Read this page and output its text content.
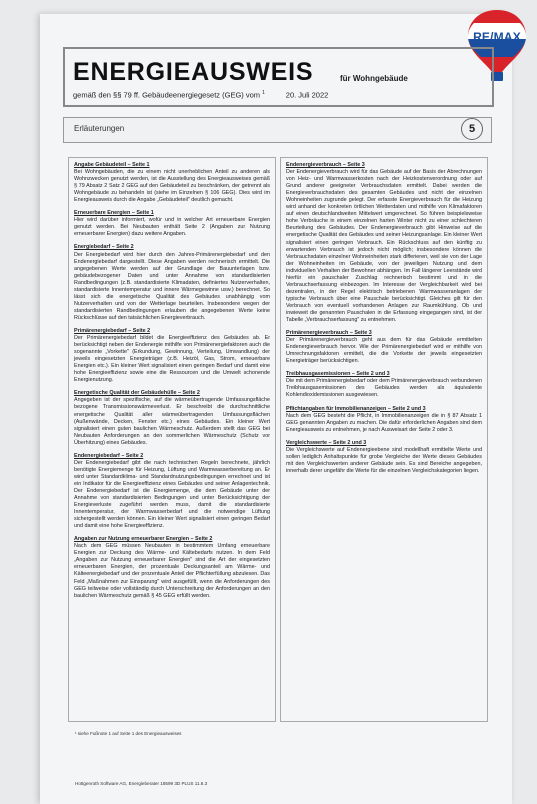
RE/MAX
ENERGIEAUSWEIS	für Wohngebäude
gemäß den §§ 79 ff. Gebäudeenergiegesetz (GEG) vom $^1$	20. Juli 2022
Erläuterungen	5
Angabe Gebäudeteil – Seite 1
Bei Wohngebäuden, die zu einem nicht unerheblichen Anteil zu anderen als Wohnzwecken genutzt werden, ist die Ausstellung des Energieausweises gemäß § 79 Absatz 2 Satz 2 GEG auf den Gebäudeteil zu beschränken, der getrennt als Wohngebäude zu behandeln ist (siehe im Einzelnen § 106 GEG). Dies wird im Energieausweis durch die Angabe „Gebäudeteil" deutlich gemacht.
Erneuerbare Energien – Seite 1
Hier wird darüber informiert, wofür und in welcher Art erneuerbare Energien genutzt werden. Bei Neubauten enthält Seite 2 (Angaben zur Nutzung erneuerbarer Energien) dazu weitere Angaben.
Energiebedarf – Seite 2
Der Energiebedarf wird hier durch den Jahres-Primärenergiebedarf und den Endenergiebedarf dargestellt. Diese Angaben werden rechnerisch ermittelt. Die angegebenen Werte werden auf der Grundlage der Bauunterlagen bzw. gebäudebezogener Daten und unter Annahme von standardisierten Randbedingungen (z.B. standardisierte Klimadaten, definiertes Nutzerverhalten, standardisierte Innentemperatur und innere Wärmegewinne usw.) berechnet. So lässt sich die energetische Qualität des Gebäudes unabhängig vom Nutzerverhalten und von der Wetterlage beurteilen. Insbesondere wegen der standardisierten Randbedingungen erlauben die angegebenen Werte keine Rückschlüsse auf den tatsächlichen Energieverbrauch.
Primärenergiebedarf – Seite 2
Der Primärenergiebedarf bildet die Energieeffizienz des Gebäudes ab. Er berücksichtigt neben der Endenergie mithilfe von Primärenergiefaktoren auch die sogenannte „Vorkette" (Erkundung, Gewinnung, Verteilung, Umwandlung) der jeweils eingesetzten Energieträger (z.B. Heizöl, Gas, Strom, erneuerbare Energien etc.). Ein kleiner Wert signalisiert einen geringen Bedarf und damit eine hohe Energieeffizienz sowie eine die Ressourcen und die Umwelt schonende Energienutzung.
Energetische Qualität der Gebäudehülle – Seite 2
Angegeben ist der spezifische, auf die wärmeübertragende Umfassungsfläche bezogene Transmissionswärmeverlust. Er beschreibt die durchschnittliche energetische Qualität aller wärmeübertragenden Umfassungsflächen (Außenwände, Decken, Fenster etc.) eines Gebäudes. Ein kleiner Wert signalisiert einen guten baulichen Wärmeschutz. Außerdem stellt das GEG bei Neubauten Anforderungen an den sommerlichen Wärmeschutz (Schutz vor Überhitzung) eines Gebäudes.
Endenergiebedarf – Seite 2
Der Endenergiebedarf gibt die nach technischen Regeln berechnete, jährlich benötigte Energiemenge für Heizung, Lüftung und Warmwasserbereitung an. Er wird unter Standardklima- und Standardnutzungsbedingungen errechnet und ist ein Indikator für die Energieeffizienz eines Gebäudes und seiner Anlagentechnik. Der Endenergiebedarf ist die Energiemenge, die dem Gebäude unter der Annahme von standardisierten Bedingungen und unter Berücksichtigung der Energieverluste zugeführt werden muss, damit die standardisierte Innentemperatur, der Warmwasserbedarf und die notwendige Lüftung sichergestellt werden können. Ein kleiner Wert signalisiert einen geringen Bedarf und damit eine hohe Energieeffizienz.
Angaben zur Nutzung erneuerbarer Energien – Seite 2
Nach dem GEG müssen Neubauten in bestimmtem Umfang erneuerbare Energien zur Deckung des Wärme- und Kältebedarfs nutzen. In dem Feld „Angaben zur Nutzung erneuerbarer Energien" sind die Art der eingesetzten erneuerbaren Energien, der prozentuale Deckungsanteil am Wärme- und Kälteenergiebedarf und der prozentuale Anteil der Pflichterfüllung abzulesen. Das Feld „Maßnahmen zur Einsparung" wird ausgefüllt, wenn die Anforderungen des GEG teilweise oder vollständig durch Unterschreitung der Anforderungen an den baulichen Wärmeschutz gemäß § 45 GEG erfüllt werden.
Endenergieverbrauch – Seite 3
Der Endenergieverbrauch wird für das Gebäude auf der Basis der Abrechnungen von Heiz- und Warmwasserkosten nach der Heizkostenverordnung oder auf Grund anderer geeigneter Verbrauchsdaten ermittelt. Dabei werden die Energieverbrauchsdaten des gesamten Gebäudes und nicht der einzelnen Wohneinheiten zugrunde gelegt. Der erfasste Energieverbrauch für die Heizung wird anhand der konkreten örtlichen Wetterdaten und mithilfe von Klimafaktoren auf einen deutschlandweiten Mittelwert umgerechnet. So führen beispielsweise hohe Verbräuche in einem einzelnen harten Winter nicht zu einer schlechteren Beurteilung des Gebäudes. Der Endenergieverbrauch gibt Hinweise auf die energetische Qualität des Gebäudes und seiner Heizungsanlage. Ein kleiner Wert signalisiert einen geringen Verbrauch. Ein Rückschluss auf den künftig zu erwartenden Verbrauch ist jedoch nicht möglich; insbesondere können die Verbrauchsdaten einzelner Wohneinheiten stark differieren, weil sie von der Lage der Wohneinheiten im Gebäude, von der jeweiligen Nutzung und dem individuellen Verhalten der Bewohner abhängen. Im Fall längerer Leerstände wird hierfür ein pauschaler Zuschlag rechnerisch bestimmt und in die Verbrauchserfassung einbezogen. Im Interesse der Vergleichbarkeit wird bei dezentralen, in der Regel elektrisch betriebenen Warmwasseranlagen der typische Verbrauch über eine Pauschale berücksichtigt. Gleiches gilt für den Verbrauch von eventuell vorhandenen Anlagen zur Raumkühlung. Ob und inwieweit die genannten Pauschalen in die Erfassung eingegangen sind, ist der Tabelle „Verbrauchserfassung" zu entnehmen.
Primärenergieverbrauch – Seite 3
Der Primärenergieverbrauch geht aus dem für das Gebäude ermittelten Endenergieverbrauch hervor. Wie der Primärenergiebedarf wird er mithilfe von Umrechnungsfaktoren ermittelt, die die Vorkette der jeweils eingesetzten Energieträger berücksichtigen.
Treibhausgasemissionen – Seite 2 und 3
Die mit dem Primärenergiebedarf oder dem Primärenergieverbrauch verbundenen Treibhausgasemissionen des Gebäudes werden als äquivalente Kohlendioxidemissionen ausgewiesen.
Pflichtangaben für Immobilienanzeigen – Seite 2 und 3
Nach dem GEG besteht die Pflicht, in Immobilienanzeigen die in § 87 Absatz 1 GEG genannten Angaben zu machen. Die dafür erforderlichen Angaben sind dem Energieausweis zu entnehmen, je nach Ausweisart der Seite 2 oder 3.
Vergleichswerte – Seite 2 und 3
Die Vergleichswerte auf Endenergieebene sind modellhaft ermittelte Werte und sollen lediglich Anhaltspunkte für grobe Vergleiche der Werte dieses Gebäudes mit den Vergleichswerten anderer Gebäude sein. Es sind Bereiche angegeben, innerhalb derer ungefähr die Werte für die einzelnen Vergleichskategorien liegen.
¹ siehe Fußnote 1 auf Seite 1 des Energieausweises
Hottgenroth Software AG, Energieberater 18599 3D PLUS 11.6.3
